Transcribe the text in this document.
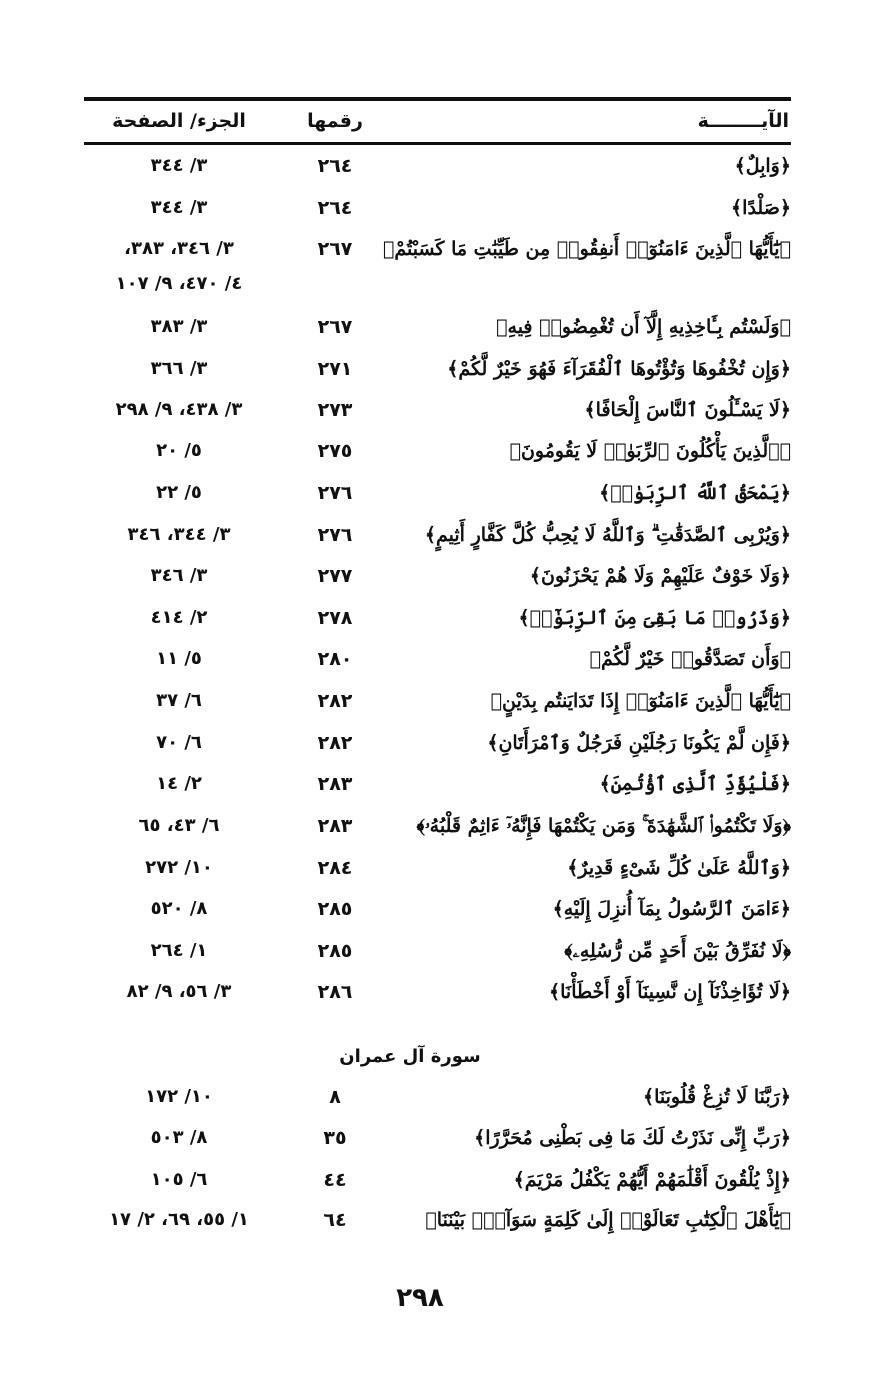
الآيــــــــة
رقمها
الجزء/ الصفحة
﴿وَابِلٌ﴾
٢٦٤
٣/ ٣٤٤
﴿صَلْدًا﴾
٢٦٤
٣/ ٣٤٤
﴿يَٰٓأَيُّهَا ٱلَّذِينَ ءَامَنُوٓا۟ أَنفِقُوا۟ مِن طَيِّبَٰتِ مَا كَسَبْتُمْ﴾
٢٦٧
٣/ ٣٤٦، ٣٨٣،
٤/ ٤٧٠، ٩/ ١٠٧
﴿وَلَسْتُم بِـَٔاخِذِيهِ إِلَّآ أَن تُغْمِضُوا۟ فِيهِ﴾
٢٦٧
٣/ ٣٨٣
﴿وَإِن تُخْفُوهَا وَتُؤْتُوهَا ٱلْفُقَرَآءَ فَهُوَ خَيْرٌ لَّكُمْ﴾
٢٧١
٣/ ٣٦٦
﴿لَا يَسْـَٔلُونَ ٱلنَّاسَ إِلْحَافًا﴾
٢٧٣
٣/ ٤٣٨، ٩/ ٢٩٨
﴿ٱلَّذِينَ يَأْكُلُونَ ٱلرِّبَوٰا۟ لَا يَقُومُونَ﴾
٢٧٥
٥/ ٢٠
﴿يَمْحَقُ ٱللَّهُ ٱلرِّبَوٰا۟﴾
٢٧٦
٥/ ٢٢
﴿وَيُرْبِى ٱلصَّدَقَٰتِ ۗ وَٱللَّهُ لَا يُحِبُّ كُلَّ كَفَّارٍ أَثِيمٍ﴾
٢٧٦
٣/ ٣٤٤، ٣٤٦
﴿وَلَا خَوْفٌ عَلَيْهِمْ وَلَا هُمْ يَحْزَنُونَ﴾
٢٧٧
٣/ ٣٤٦
﴿وَذَرُوا۟ مَا بَقِىَ مِنَ ٱلرِّبَوٰٓا۟﴾
٢٧٨
٢/ ٤١٤
﴿وَأَن تَصَدَّقُوا۟ خَيْرٌ لَّكُمْ﴾
٢٨٠
٥/ ١١
﴿يَٰٓأَيُّهَا ٱلَّذِينَ ءَامَنُوٓا۟ إِذَا تَدَايَنتُم بِدَيْنٍ﴾
٢٨٢
٦/ ٣٧
﴿فَإِن لَّمْ يَكُونَا رَجُلَيْنِ فَرَجُلٌ وَٱمْرَأَتَانِ﴾
٢٨٢
٦/ ٧٠
﴿فَلْيُؤَدِّ ٱلَّذِى ٱؤْتُمِنَ﴾
٢٨٣
٢/ ١٤
﴿وَلَا تَكْتُمُوا۟ ٱلشَّهَٰدَةَ ۚ وَمَن يَكْتُمْهَا فَإِنَّهُۥٓ ءَاثِمٌ قَلْبُهُۥ﴾
٢٨٣
٦/ ٤٣، ٦٥
﴿وَٱللَّهُ عَلَىٰ كُلِّ شَىْءٍ قَدِيرٌ﴾
٢٨٤
١٠/ ٢٧٢
﴿ءَامَنَ ٱلرَّسُولُ بِمَآ أُنزِلَ إِلَيْهِ﴾
٢٨٥
٨/ ٥٢٠
﴿لَا نُفَرِّقُ بَيْنَ أَحَدٍ مِّن رُّسُلِهِۦ﴾
٢٨٥
١/ ٢٦٤
﴿لَا تُؤَاخِذْنَآ إِن نَّسِينَآ أَوْ أَخْطَأْنَا﴾
٢٨٦
٣/ ٥٦، ٩/ ٨٢
﴿رَبَّنَا لَا تُزِغْ قُلُوبَنَا﴾
٨
١٠/ ١٧٢
﴿رَبِّ إِنِّى نَذَرْتُ لَكَ مَا فِى بَطْنِى مُحَرَّرًا﴾
٣٥
٨/ ٥٠٣
﴿إِذْ يُلْقُونَ أَقْلَٰمَهُمْ أَيُّهُمْ يَكْفُلُ مَرْيَمَ﴾
٤٤
٦/ ١٠٥
﴿يَٰٓأَهْلَ ٱلْكِتَٰبِ تَعَالَوْا۟ إِلَىٰ كَلِمَةٍ سَوَآءٍۭ بَيْنَنَا﴾
٦٤
١/ ٥٥، ٦٩، ٢/ ١٧
سورة آل عمران
٢٩٨
